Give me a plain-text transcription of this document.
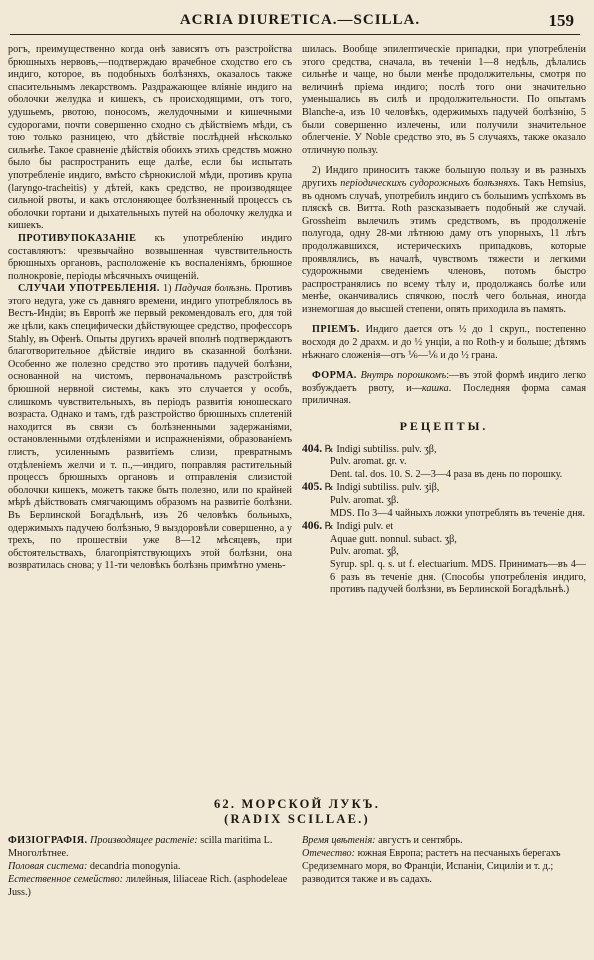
ACRIA DIURETICA.—SCILLA.	159

рогъ, преимущественно когда онѣ зависятъ отъ разстройства брюшныхъ нервовъ,—подтверждаю врачебное сходство его съ индиго, которое, въ подобныхъ болѣзняхъ, оказалось также спасительнымъ лекарствомъ. Раздражающее вліяніе индиго на оболочки желудка и кишекъ, съ происходящими, отъ того, удушьемъ, рвотою, поносомъ, желудочными и кишечными судорогами, почти совершенно сходно съ дѣйствіемъ мѣди, съ тою только разницею, что дѣйствіе послѣдней нѣсколько сильнѣе. Такое сравненіе дѣйствія обоихъ этихъ средствъ можно было бы распространить еще далѣе, если бы испытать употребленіе индиго, вмѣсто сѣрнокислой мѣди, противъ крупа (laryngo-tracheitis) у дѣтей, какъ средство, не производящее сильной рвоты, и какъ отслоняющее болѣзненный процессъ съ оболочки гортани и дыхательныхъ путей на оболочку желудка и кишекъ.

ПРОТИВУПОКАЗАНІЕ къ употребленію индиго составляютъ: чрезвычайно возвышенная чувствительность брюшныхъ органовъ, расположеніе къ воспаленіямъ, брюшное полнокровіе, періоды мѣсячныхъ очищеній.

СЛУЧАИ УПОТРЕБЛЕНІЯ. 1) Падучая болѣзнь. Противъ этого недуга, уже съ давняго времени, индиго употреблялось въ Вестъ-Индіи; въ Европѣ же первый рекомендовалъ его, для той же цѣли, какъ специфически дѣйствующее средство, профессоръ Stahly, въ Офенѣ. Опыты другихъ врачей вполнѣ подтверждаютъ благотворительное дѣйствіе индиго въ сказанной болѣзни. Особенно же полезно средство это противъ падучей болѣзни, основанной на чистомъ, первоначальномъ разстройствѣ брюшной нервной системы, какъ это случается у особъ, слишкомъ чувствительныхъ, въ періодъ развитія юношескаго возраста. Однако и тамъ, гдѣ разстройство брюшныхъ сплетеній находится въ связи съ болѣзненными задержаніями, остановленными отдѣленіями и испражненіями, образованіемъ глистъ, усиленнымъ развитіемъ слизи, превратнымъ отдѣленіемъ желчи и т. п.,—индиго, поправляя растительный процессъ брюшныхъ органовъ и отправленія слизистой оболочки кишекъ, можетъ также быть полезно, или по крайней мѣрѣ дѣйствовать смягчающимъ образомъ на развитіе болѣзни. Въ Берлинской Богадѣльнѣ, изъ 26 человѣкъ больныхъ, одержимыхъ падучею болѣзнью, 9 выздоровѣли совершенно, а у трехъ, по прошествіи уже 8—12 мѣсяцевъ, при обстоятельствахъ, благопріятствующихъ этой болѣзни, она возвратилась снова; у 11-ти человѣкъ болѣзнь примѣтно умень-

шилась. Вообще эпилептическіе припадки, при употребленіи этого средства, сначала, въ теченіи 1—8 недѣль, дѣлались сильнѣе и чаще, но были менѣе продолжительны, смотря по величинѣ пріема индиго; послѣ того они значительно уменьшались въ силѣ и продолжительности. По опытамъ Blanche-a, изъ 10 человѣкъ, одержимыхъ падучей болѣзнію, 5 были совершенно излечены, или получили значительное облегченіе. У Noble средство это, въ 5 случаяхъ, также оказало отличную пользу.

2) Индиго приноситъ также большую пользу и въ разныхъ другихъ періодическихъ судорожныхъ болѣзняхъ. Такъ Hemsius, въ одномъ случаѣ, употребилъ индиго съ большимъ успѣхомъ въ пляскѣ св. Витта. Roth разсказываетъ подобный же случай. Grossheim вылечилъ этимъ средствомъ, въ продолженіе полугода, одну 28-ми лѣтнюю даму отъ упорныхъ, 11 лѣтъ продолжавшихся, истерическихъ припадковъ, которые проявлялись, въ началѣ, чувствомъ тяжести и легкими судорожными сведеніемъ членовъ, потомъ быстро распространялись по всему тѣлу и, продолжаясь болѣе или менѣе, оканчивались спячкою, послѣ чего больная, иногда изнемогшая до высшей степени, опять приходила въ память.

ПРІЕМЪ. Индиго дается отъ ½ до 1 скруп., постепенно восходя до 2 драхм. и до ½ унціи, а по Roth-у и больше; дѣтямъ нѣжнаго сложенія—отъ ⅙—⅙ и до ½ грана.

ФОРМА. Внутрь порошкомъ:—въ этой формѣ индиго легко возбуждаетъ рвоту, и—кашка. Последняя форма самая приличная.

РЕЦЕПТЫ.
404. ℞ Indigi subtiliss. pulv. ʒβ,
Pulv. aromat. gr. v.
Dent. tal. dos. 10. S. 2—3—4 раза въ день по порошку.
405. ℞ Indigi subtiliss. pulv. ʒiβ,
Pulv. aromat. ʒβ.
MDS. По 3—4 чайныхъ ложки употреблять въ теченіе дня.
406. ℞ Indigi pulv. et
Aquae gutt. nonnul. subact. ʒβ,
Pulv. aromat. ʒβ,
Syrup. spl. q. s. ut f. electuarium. MDS. Принимать—въ 4—6 разъ въ теченіе дня. (Способы употребленія индиго, противъ падучей болѣзни, въ Берлинской Богадѣльнѣ.)
62. МОРСКОЙ ЛУКЪ.
(RADIX SCILLAE.)

ФИЗІОГРАФІЯ. Производящее растеніе: scilla maritima L. Многолѣтнее.

Половая система: decandria monogynia.

Естественное семейство: лилейныя, liliaceae Rich. (asphodeleae Juss.)

Время цвѣтенія: августъ и сентябрь.

Отечество: южная Европа; растетъ на песчаныхъ берегахъ Средиземнаго моря, во Франціи, Испаніи, Сициліи и т. д.; разводится также и въ садахъ.
